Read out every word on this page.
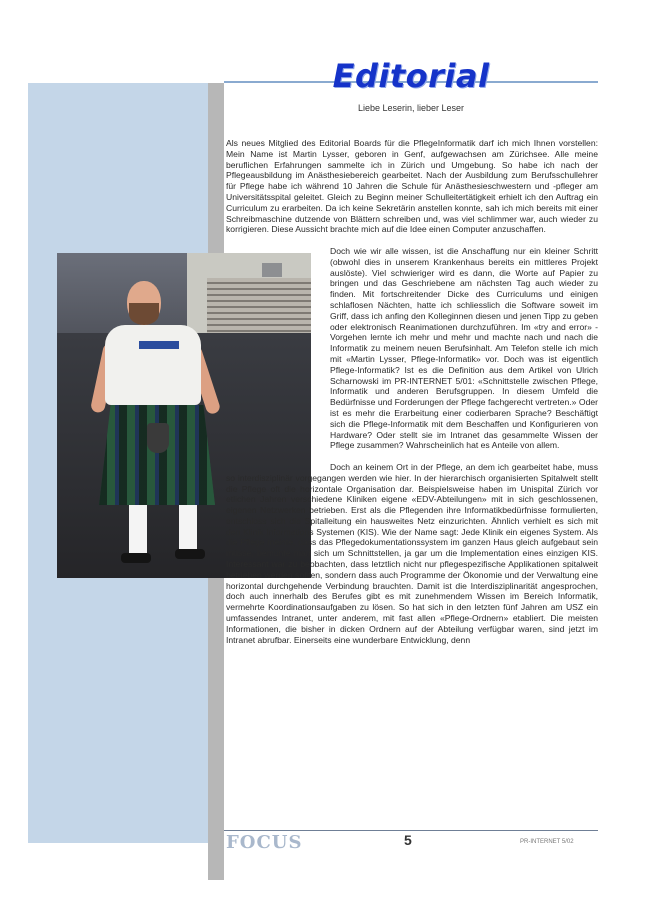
Editorial
Liebe Leserin, lieber Leser
Als neues Mitglied des Editorial Boards für die PflegeInformatik darf ich mich Ihnen vorstellen: Mein Name ist Martin Lysser, geboren in Genf, aufgewachsen am Zürichsee. Alle meine beruflichen Erfahrungen sammelte ich in Zürich und Umgebung. So habe ich nach der Pflegeausbildung im Anästhesiebereich gearbeitet. Nach der Ausbildung zum Berufsschullehrer für Pflege habe ich während 10 Jahren die Schule für Anästhesieschwestern und -pfleger am Universitätsspital geleitet. Gleich zu Beginn meiner Schulleitertätigkeit erhielt ich den Auftrag ein Curriculum zu erarbeiten. Da ich keine Sekretärin anstellen konnte, sah ich mich bereits mit einer Schreibmaschine dutzende von Blättern schreiben und, was viel schlimmer war, auch wieder zu korrigieren. Diese Aussicht brachte mich auf die Idee einen Computer anzuschaffen.

Doch wie wir alle wissen, ist die Anschaffung nur ein kleiner Schritt (obwohl dies in unserem Krankenhaus bereits ein mittleres Projekt auslöste). Viel schwieriger wird es dann, die Worte auf Papier zu bringen und das Geschriebene am nächsten Tag auch wieder zu finden. Mit fortschreitender Dicke des Curriculums und einigen schlaflosen Nächten, hatte ich schliesslich die Software soweit im Griff, dass ich anfing den Kolleginnen diesen und jenen Tipp zu geben oder elektronisch Reanimationen durchzuführen. Im «try and error» - Vorgehen lernte ich mehr und mehr und machte nach und nach die Informatik zu meinem neuen Berufsinhalt. Am Telefon stelle ich mich mit «Martin Lysser, Pflege-Informatik» vor. Doch was ist eigentlich Pflege-Informatik? Ist es die Definition aus dem Artikel von Ulrich Scharnowski im PR-INTERNET 5/01: «Schnittstelle zwischen Pflege, Informatik und anderen Berufsgruppen. In diesem Umfeld die Bedürfnisse und Forderungen der Pflege fachgerecht vertreten.» Oder ist es mehr die Erarbeitung einer codierbaren Sprache? Beschäftigt sich die Pflege-Informatik mit dem Beschaffen und Konfigurieren von Hardware? Oder stellt sie im Intranet das gesammelte Wissen der Pflege zusammen? Wahrscheinlich hat es Anteile von allem.

Doch an keinem Ort in der Pflege, an dem ich gearbeitet habe, muss so interdisziplinär vorgegangen werden wie hier. In der hierarchisch organisierten Spitalwelt stellt die Pflege oft die horizontale Organisation dar. Beispielsweise haben im Unispital Zürich vor etlichen Jahren verschiedene Kliniken eigene «EDV-Abteilungen» mit in sich geschlossenen, eigenen Netzwerken betrieben. Erst als die Pflegenden ihre Informatikbedürfnisse formulierten, entschloss sich die Spitalleitung ein hausweites Netz einzurichten. Ähnlich verhielt es sich mit den Klinik Informations Systemen (KIS). Wie der Name sagt: Jede Klinik ein eigenes System. Als die Pflege meinte, dass das Pflegedokumentationssystem im ganzen Haus gleich aufgebaut sein müsse, bemühte man sich um Schnittstellen, ja gar um die Implementation eines einzigen KIS. Interessant war zu beobachten, dass letztlich nicht nur pflegespezifische Applikationen spitalweit betrieben werden sollten, sondern dass auch Programme der Ökonomie und der Verwaltung eine horizontal durchgehende Verbindung brauchten. Damit ist die Interdisziplinarität angesprochen, doch auch innerhalb des Berufes gibt es mit zunehmendem Wissen im Bereich Informatik, vermehrte Koordinationsaufgaben zu lösen. So hat sich in den letzten fünf Jahren am USZ ein umfassendes Intranet, unter anderem, mit fast allen «Pflege-Ordnern» etabliert. Die meisten Informationen, die bisher in dicken Ordnern auf der Abteilung verfügbar waren, sind jetzt im Intranet abrufbar. Einerseits eine wunderbare Entwicklung, denn
FOCUS	5	PR-INTERNET 5/02
